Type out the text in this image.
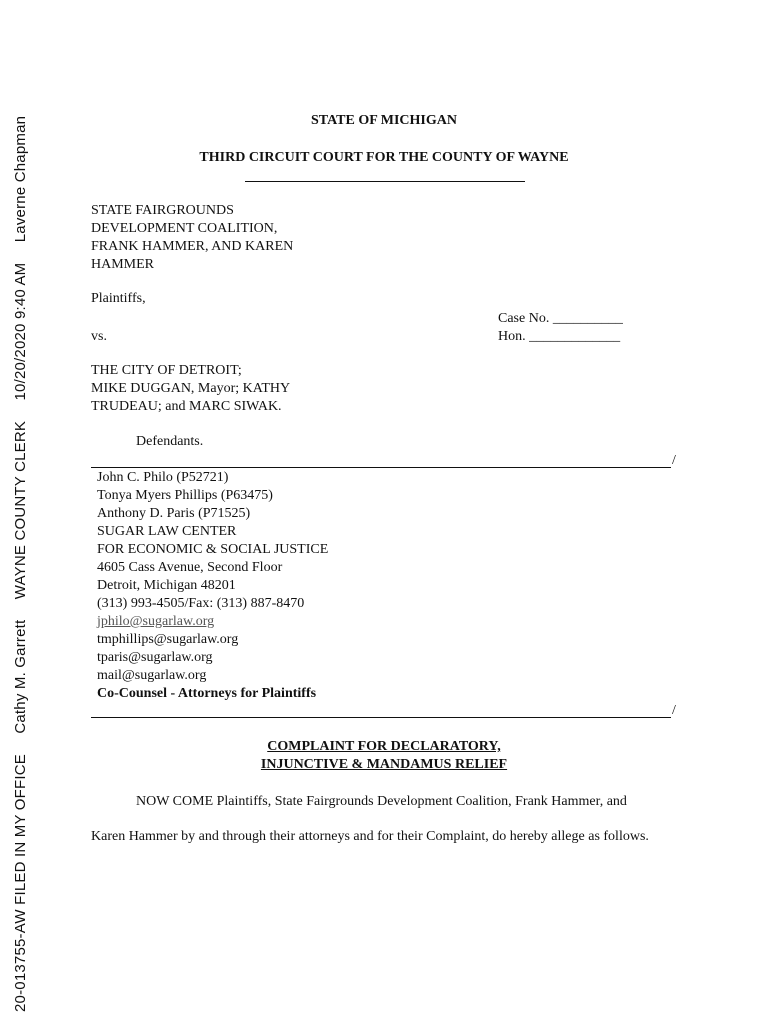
20-013755-AW FILED IN MY OFFICE Cathy M. Garrett WAYNE COUNTY CLERK 10/20/2020 9:40 AM Laverne Chapman	STATE OF MICHIGAN
THIRD CIRCUIT COURT FOR THE COUNTY OF WAYNE
STATE FAIRGROUNDS
DEVELOPMENT COALITION,
FRANK HAMMER, AND KAREN
HAMMER
Plaintiffs,
Case No. __________
vs.	Hon. _____________
THE CITY OF DETROIT;
MIKE DUGGAN, Mayor; KATHY
TRUDEAU; and MARC SIWAK.
Defendants.
/
John C. Philo (P52721)
Tonya Myers Phillips (P63475)
Anthony D. Paris (P71525)
SUGAR LAW CENTER
FOR ECONOMIC & SOCIAL JUSTICE
4605 Cass Avenue, Second Floor
Detroit, Michigan 48201
(313) 993-4505/Fax: (313) 887-8470
jphilo@sugarlaw.org
tmphillips@sugarlaw.org
tparis@sugarlaw.org
mail@sugarlaw.org
Co-Counsel - Attorneys for Plaintiffs
/
COMPLAINT FOR DECLARATORY,
INJUNCTIVE & MANDAMUS RELIEF
NOW COME Plaintiffs, State Fairgrounds Development Coalition, Frank Hammer, and
Karen Hammer by and through their attorneys and for their Complaint, do hereby allege as follows.
